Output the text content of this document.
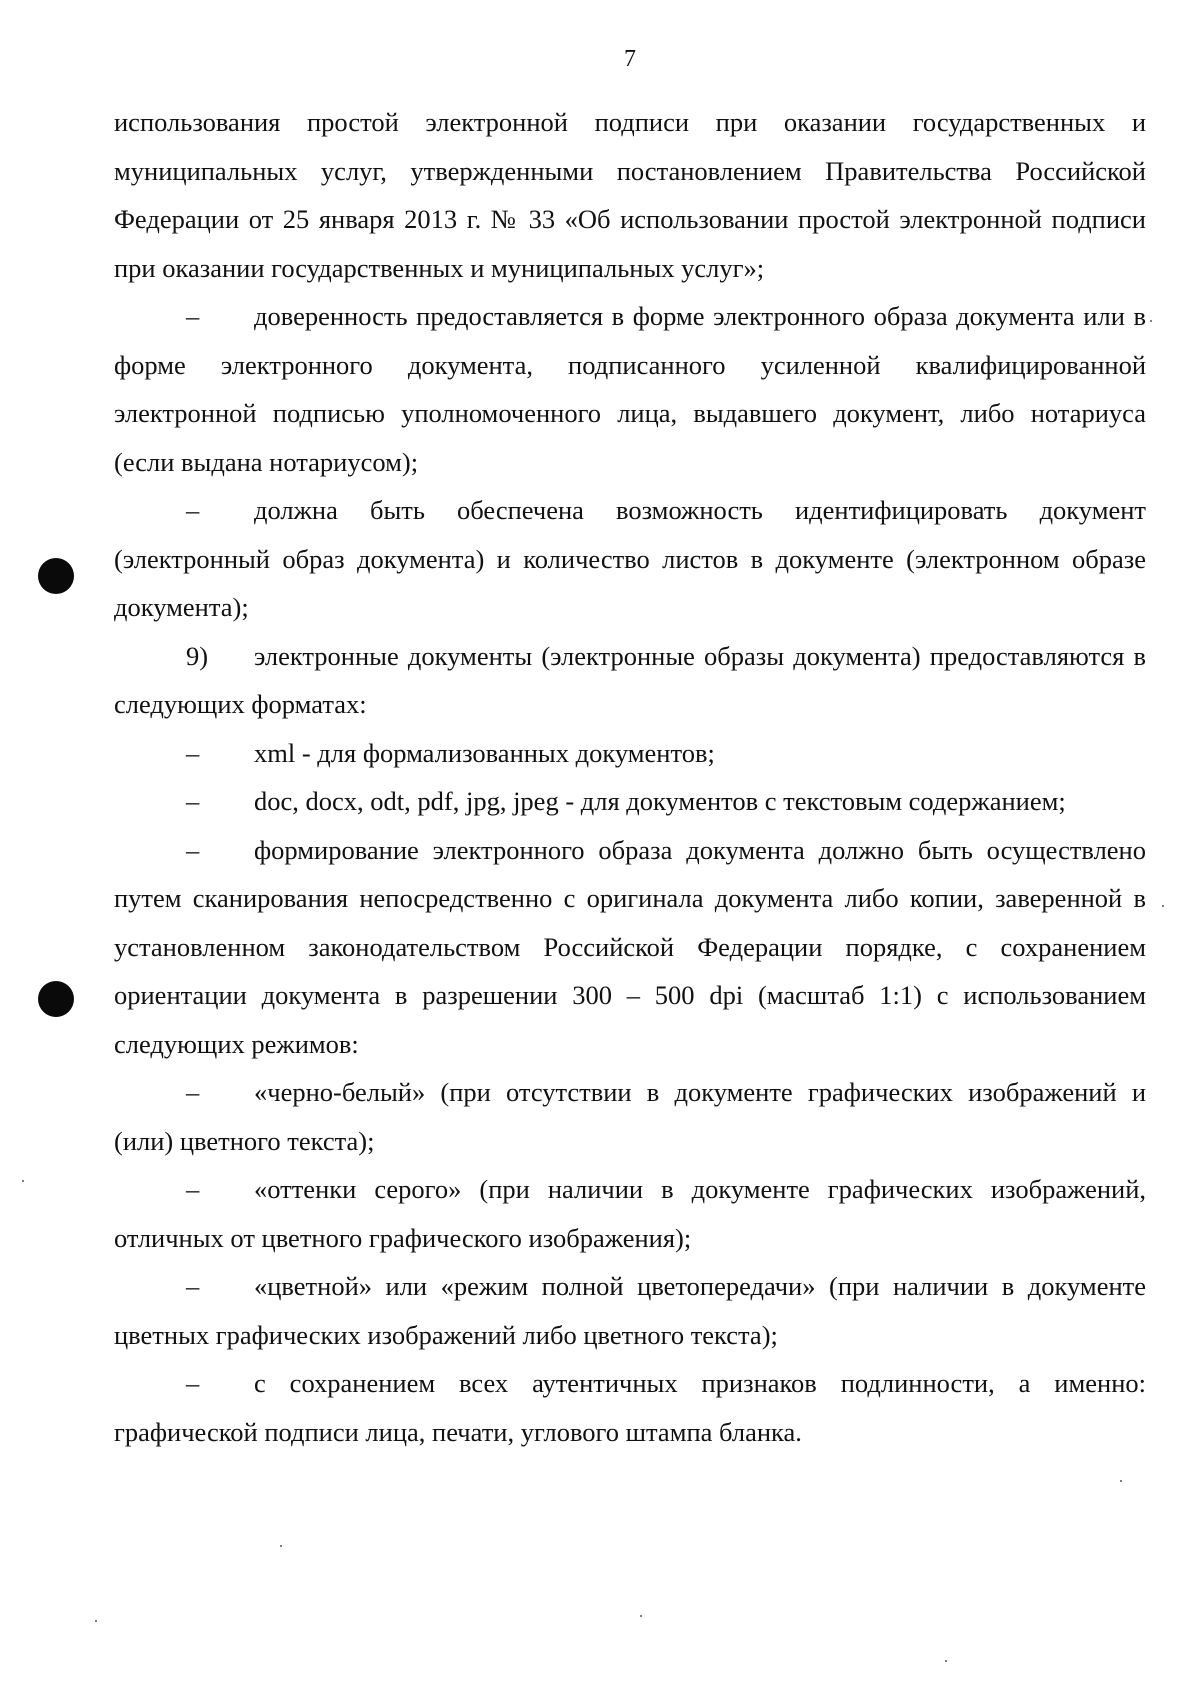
7

использования простой электронной подписи при оказании государственных и муниципальных услуг, утвержденными постановлением Правительства Российской Федерации от 25 января 2013 г. № 33 «Об использовании простой электронной подписи при оказании государственных и муниципальных услуг»;

– доверенность предоставляется в форме электронного образа документа или в форме электронного документа, подписанного усиленной квалифицированной электронной подписью уполномоченного лица, выдавшего документ, либо нотариуса (если выдана нотариусом);
– должна быть обеспечена возможность идентифицировать документ (электронный образ документа) и количество листов в документе (электронном образе документа);
9) электронные документы (электронные образы документа) предоставляются в следующих форматах:
– xml - для формализованных документов;
– doc, docx, odt, pdf, jpg, jpeg - для документов с текстовым содержанием;
– формирование электронного образа документа должно быть осуществлено путем сканирования непосредственно с оригинала документа либо копии, заверенной в установленном законодательством Российской Федерации порядке, с сохранением ориентации документа в разрешении 300 – 500 dpi (масштаб 1:1) с использованием следующих режимов:
– «черно-белый» (при отсутствии в документе графических изображений и (или) цветного текста);
– «оттенки серого» (при наличии в документе графических изображений, отличных от цветного графического изображения);
– «цветной» или «режим полной цветопередачи» (при наличии в документе цветных графических изображений либо цветного текста);
– с сохранением всех аутентичных признаков подлинности, а именно: графической подписи лица, печати, углового штампа бланка.
